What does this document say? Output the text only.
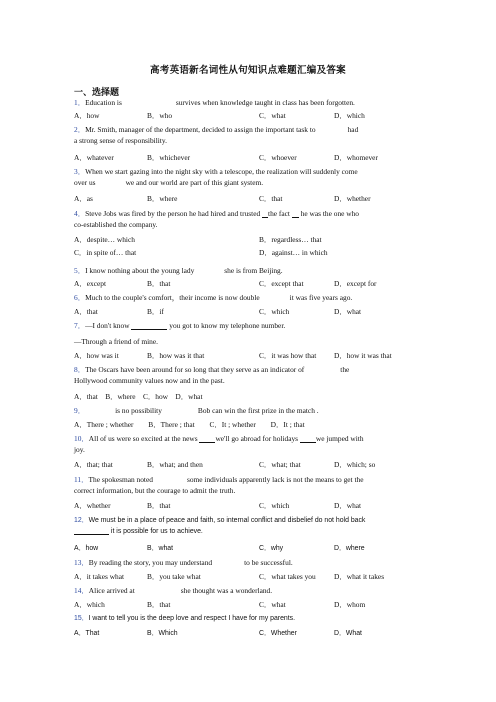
高考英语新名词性从句知识点难题汇编及答案
一、选择题
1．Education is	survives when knowledge taught in class has been forgotten.
A．how	B．who	C．what	D．which
2．Mr. Smith, manager of the department, decided to assign the important task to	had
a strong sense of responsibility.
A．whatever	B．whichever	C．whoever	D．whomever
3．When we start gazing into the night sky with a telescope, the realization will suddenly come
over us	we and our world are part of this giant system.
A．as	B．where	C．that	D．whether
4．Steve Jobs was fired by the person he had hired and trusted the fact he was the one who
co-established the company.
A．despite… which	B．regardless… that
C．in spite of… that	D．against… in which
5．I know nothing about the young lady	she is from Beijing.
A．except	B．that	C．except that	D．except for
6．Much to the couple's comfort，their income is now double	it was five years ago.
A．that	B．if	C．which	D．what
7．—I don't know	you got to know my telephone number.
—Through a friend of mine.
A．how was it	B．how was it that	C．it was how that D．how it was that
8．The Oscars have been around for so long that they serve as an indicator of	the
Hollywood community values now and in the past.
A．that    B．where    C．how    D．what
9．	is no possibility	Bob can win the first prize in the match .
A．There ; whether        B．There ; that        C．It ; whether        D．It ; that
10．All of us were so excited at the news we'll go abroad for holidays we jumped with
joy.
A．that; that	B．what; and then	C．what; that	D．which; so
11．The spokesman noted	some individuals apparently lack is not the means to get the
correct information, but the courage to admit the truth.
A．whether	B．that	C．which	D．what
12．We must be in a place of peace and faith, so internal conflict and disbelief do not hold back
it is possible for us to achieve.
A．how	B．what	C．why	D．where
13．By reading the story, you may understand	to be successful.
A．it takes what	B．you take what	C．what takes you D．what it takes
14．Alice arrived at	she thought was a wonderland.
A．which	B．that	C．what	D．whom
15．I want to tell you is the deep love and respect I have for my parents.
A．That	B．Which	C．Whether	D．What
